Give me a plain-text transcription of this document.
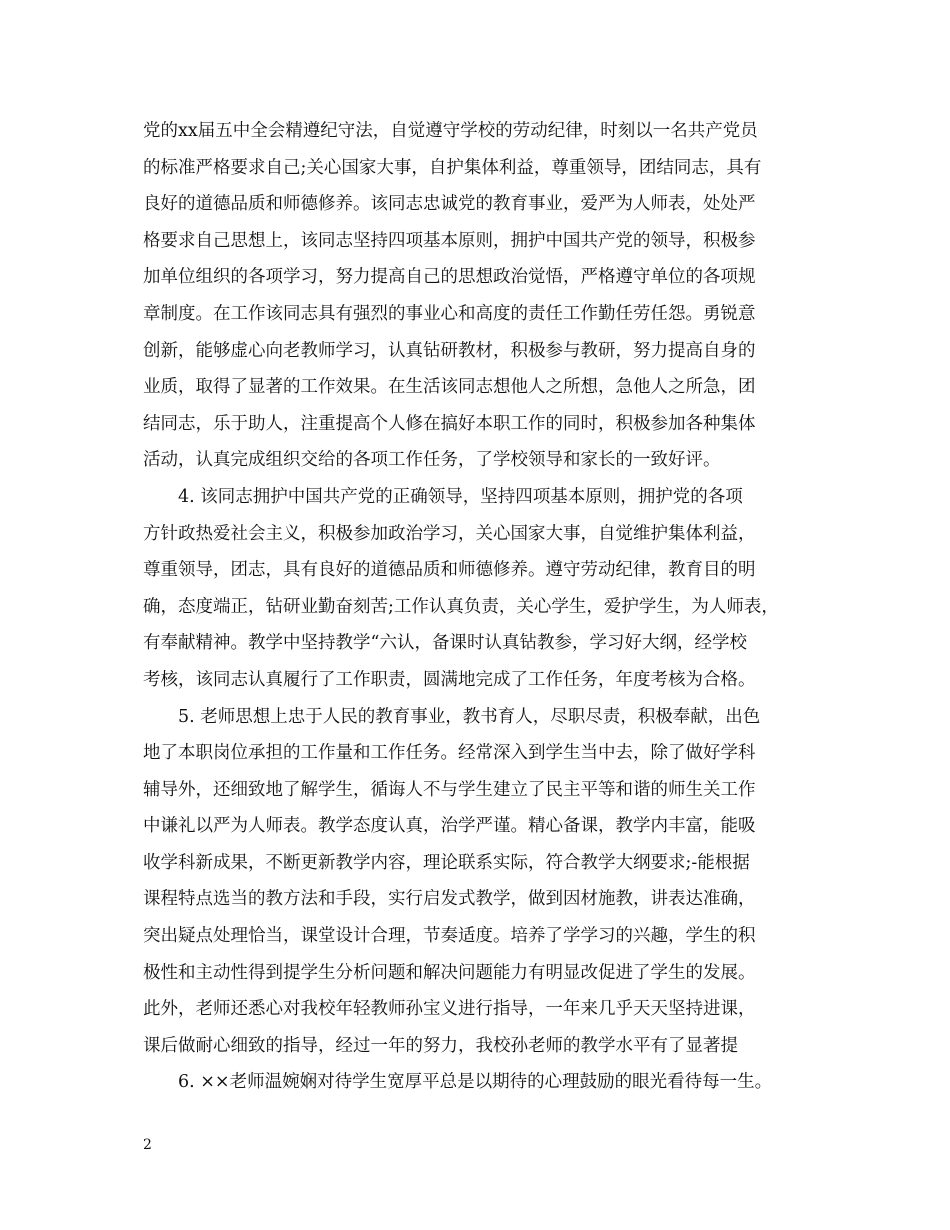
党的xx届五中全会精遵纪守法，自觉遵守学校的劳动纪律，时刻以一名共产党员
的标准严格要求自己;关心国家大事，自护集体利益，尊重领导，团结同志，具有
良好的道德品质和师德修养。该同志忠诚党的教育事业，爱严为人师表，处处严
格要求自己思想上，该同志坚持四项基本原则，拥护中国共产党的领导，积极参
加单位组织的各项学习，努力提高自己的思想政治觉悟，严格遵守单位的各项规
章制度。在工作该同志具有强烈的事业心和高度的责任工作勤任劳任怨。勇锐意
创新，能够虚心向老教师学习，认真钻研教材，积极参与教研，努力提高自身的
业质，取得了显著的工作效果。在生活该同志想他人之所想，急他人之所急，团
结同志，乐于助人，注重提高个人修在搞好本职工作的同时，积极参加各种集体
活动，认真完成组织交给的各项工作任务，了学校领导和家长的一致好评。
4. 该同志拥护中国共产党的正确领导，坚持四项基本原则，拥护党的各项
方针政热爱社会主义，积极参加政治学习，关心国家大事，自觉维护集体利益，
尊重领导，团志，具有良好的道德品质和师德修养。遵守劳动纪律，教育目的明
确，态度端正，钻研业勤奋刻苦;工作认真负责，关心学生，爱护学生，为人师表，
有奉献精神。教学中坚持教学“六认，备课时认真钻教参，学习好大纲，经学校
考核，该同志认真履行了工作职责，圆满地完成了工作任务，年度考核为合格。
5. 老师思想上忠于人民的教育事业，教书育人，尽职尽责，积极奉献，出色
地了本职岗位承担的工作量和工作任务。经常深入到学生当中去，除了做好学科
辅导外，还细致地了解学生，循诲人不与学生建立了民主平等和谐的师生关工作
中谦礼以严为人师表。教学态度认真，治学严谨。精心备课，教学内丰富，能吸
收学科新成果，不断更新教学内容，理论联系实际，符合教学大纲要求;-能根据
课程特点选当的教方法和手段，实行启发式教学，做到因材施教，讲表达准确，
突出疑点处理恰当，课堂设计合理，节奏适度。培养了学学习的兴趣，学生的积
极性和主动性得到提学生分析问题和解决问题能力有明显改促进了学生的发展。
此外，老师还悉心对我校年轻教师孙宝义进行指导，一年来几乎天天坚持进课，
课后做耐心细致的指导，经过一年的努力，我校孙老师的教学水平有了显著提
6. ××老师温婉娴对待学生宽厚平总是以期待的心理鼓励的眼光看待每一生。
2
